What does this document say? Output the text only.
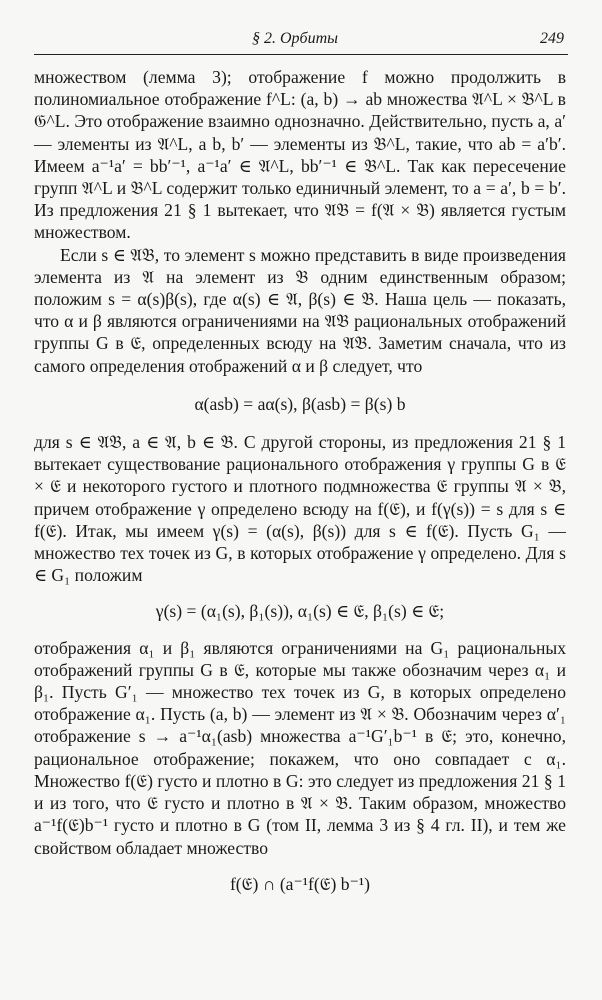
§ 2. Орбиты	249

множеством (лемма 3); отображение f можно продолжить в полиномиальное отображение f^L: (a, b) → ab множества 𝔄^L × 𝔅^L в 𝔊^L. Это отображение взаимно однозначно. Действительно, пусть a, a′ — элементы из 𝔄^L, a b, b′ — элементы из 𝔅^L, такие, что ab = a′b′. Имеем a⁻¹a′ = bb′⁻¹, a⁻¹a′ ∈ 𝔄^L, bb′⁻¹ ∈ 𝔅^L. Так как пересечение групп 𝔄^L и 𝔅^L содержит только единичный элемент, то a = a′, b = b′. Из предложения 21 § 1 вытекает, что 𝔄𝔅 = f(𝔄 × 𝔅) является густым множеством.

Если s ∈ 𝔄𝔅, то элемент s можно представить в виде произведения элемента из 𝔄 на элемент из 𝔅 одним единственным образом; положим s = α(s)β(s), где α(s) ∈ 𝔄, β(s) ∈ 𝔅. Наша цель — показать, что α и β являются ограничениями на 𝔄𝔅 рациональных отображений группы G в 𝔈, определенных всюду на 𝔄𝔅. Заметим сначала, что из самого определения отображений α и β следует, что

α(asb) = aα(s), β(asb) = β(s) b

для s ∈ 𝔄𝔅, a ∈ 𝔄, b ∈ 𝔅. С другой стороны, из предложения 21 § 1 вытекает существование рационального отображения γ группы G в 𝔈 × 𝔈 и некоторого густого и плотного подмножества 𝔈 группы 𝔄 × 𝔅, причем отображение γ определено всюду на f(𝔈), и f(γ(s)) = s для s ∈ f(𝔈). Итак, мы имеем γ(s) = (α(s), β(s)) для s ∈ f(𝔈). Пусть G₁ — множество тех точек из G, в которых отображение γ определено. Для s ∈ G₁ положим

γ(s) = (α₁(s), β₁(s)), α₁(s) ∈ 𝔈, β₁(s) ∈ 𝔈;

отображения α₁ и β₁ являются ограничениями на G₁ рациональных отображений группы G в 𝔈, которые мы также обозначим через α₁ и β₁. Пусть G′₁ — множество тех точек из G, в которых определено отображение α₁. Пусть (a, b) — элемент из 𝔄 × 𝔅. Обозначим через α′₁ отображение s → a⁻¹α₁(asb) множества a⁻¹G′₁b⁻¹ в 𝔈; это, конечно, рациональное отображение; покажем, что оно совпадает с α₁. Множество f(𝔈) густо и плотно в G: это следует из предложения 21 § 1 и из того, что 𝔈 густо и плотно в 𝔄 × 𝔅. Таким образом, множество a⁻¹f(𝔈)b⁻¹ густо и плотно в G (том II, лемма 3 из § 4 гл. II), и тем же свойством обладает множество

f(𝔈) ∩ (a⁻¹f(𝔈) b⁻¹)
